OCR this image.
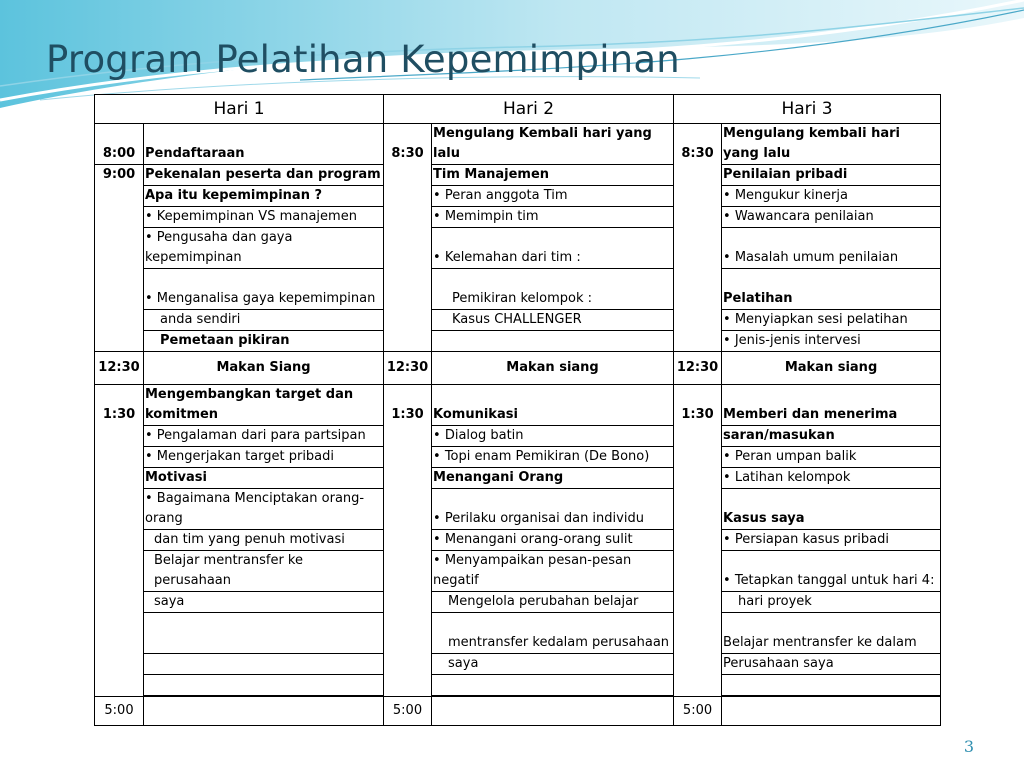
Program Pelatihan Kepemimpinan
Hari 1		Hari 2		Hari 3	
8:00	Pendaftaraan	8:30	Mengulang Kembali hari yang lalu	8:30	Mengulang kembali hari yang lalu
9:00	Pekenalan peserta dan program		Tim Manajemen		Penilaian pribadi
	Apa itu kepemimpinan ?		• Peran anggota Tim		• Mengukur kinerja
	• Kepemimpinan VS manajemen		• Memimpin tim		• Wawancara penilaian
	• Pengusaha dan gaya kepemimpinan		• Kelemahan dari tim :		• Masalah umum penilaian
	• Menganalisa gaya kepemimpinan		Pemikiran kelompok :		Pelatihan
	anda sendiri		Kasus CHALLENGER		• Menyiapkan sesi pelatihan
	Pemetaan pikiran				• Jenis-jenis intervesi
12:30	Makan Siang	12:30	Makan siang	12:30	Makan siang
1:30	Mengembangkan target dan komitmen	1:30	Komunikasi	1:30	Memberi dan menerima
	• Pengalaman dari para partsipan		• Dialog batin		saran/masukan
	• Mengerjakan target pribadi		• Topi enam Pemikiran (De Bono)		• Peran umpan balik
	Motivasi		Menangani Orang		• Latihan kelompok
	• Bagaimana Menciptakan orang-orang		• Perilaku organisai dan individu		Kasus saya
	dan tim yang penuh motivasi		• Menangani orang-orang sulit		• Persiapan kasus pribadi
	Belajar mentransfer ke perusahaan		• Menyampaikan pesan-pesan negatif		• Tetapkan tanggal untuk hari 4:
	saya		Mengelola perubahan belajar		hari proyek
			mentransfer kedalam perusahaan		Belajar mentransfer ke dalam
			saya		Perusahaan saya

5:00		5:00		5:00	
3
